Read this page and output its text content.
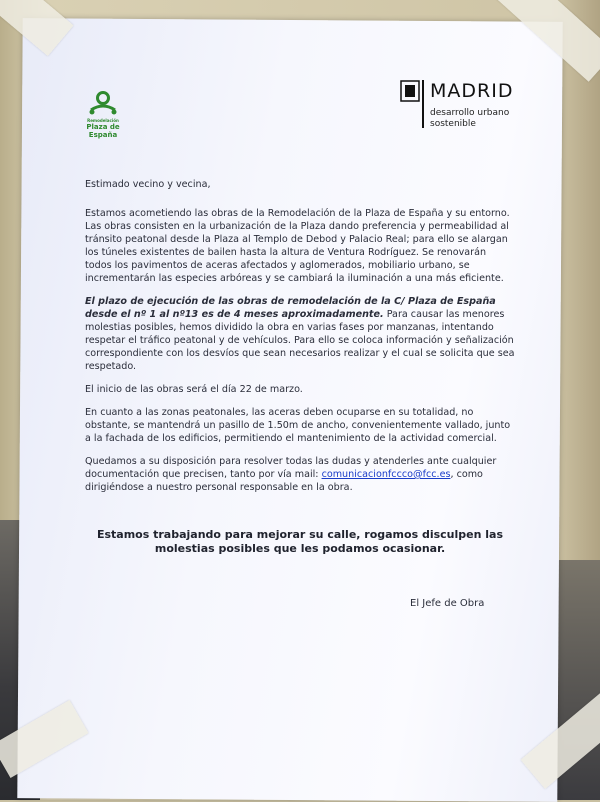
Remodelación
Plaza de
España
MADRID
desarrollo urbano
sostenible

Estimado vecino y vecina,

Estamos acometiendo las obras de la Remodelación de la Plaza de España y su entorno. Las obras consisten en la urbanización de la Plaza dando preferencia y permeabilidad al tránsito peatonal desde la Plaza al Templo de Debod y Palacio Real; para ello se alargan los túneles existentes de bailen hasta la altura de Ventura Rodríguez. Se renovarán todos los pavimentos de aceras afectados y aglomerados, mobiliario urbano, se incrementarán las especies arbóreas y se cambiará la iluminación a una más eficiente.

El plazo de ejecución de las obras de remodelación de la C/ Plaza de España desde el nº 1 al nº13 es de 4 meses aproximadamente. Para causar las menores molestias posibles, hemos dividido la obra en varias fases por manzanas, intentando respetar el tráfico peatonal y de vehículos. Para ello se coloca información y señalización correspondiente con los desvíos que sean necesarios realizar y el cual se solicita que sea respetado.

El inicio de las obras será el día 22 de marzo.

En cuanto a las zonas peatonales, las aceras deben ocuparse en su totalidad, no obstante, se mantendrá un pasillo de 1.50m de ancho, convenientemente vallado, junto a la fachada de los edificios, permitiendo el mantenimiento de la actividad comercial.

Quedamos a su disposición para resolver todas las dudas y atenderles ante cualquier documentación que precisen, tanto por vía mail: comunicacionfccco@fcc.es, como dirigiéndose a nuestro personal responsable en la obra.

Estamos trabajando para mejorar su calle, rogamos disculpen las molestias posibles que les podamos ocasionar.
El Jefe de Obra
